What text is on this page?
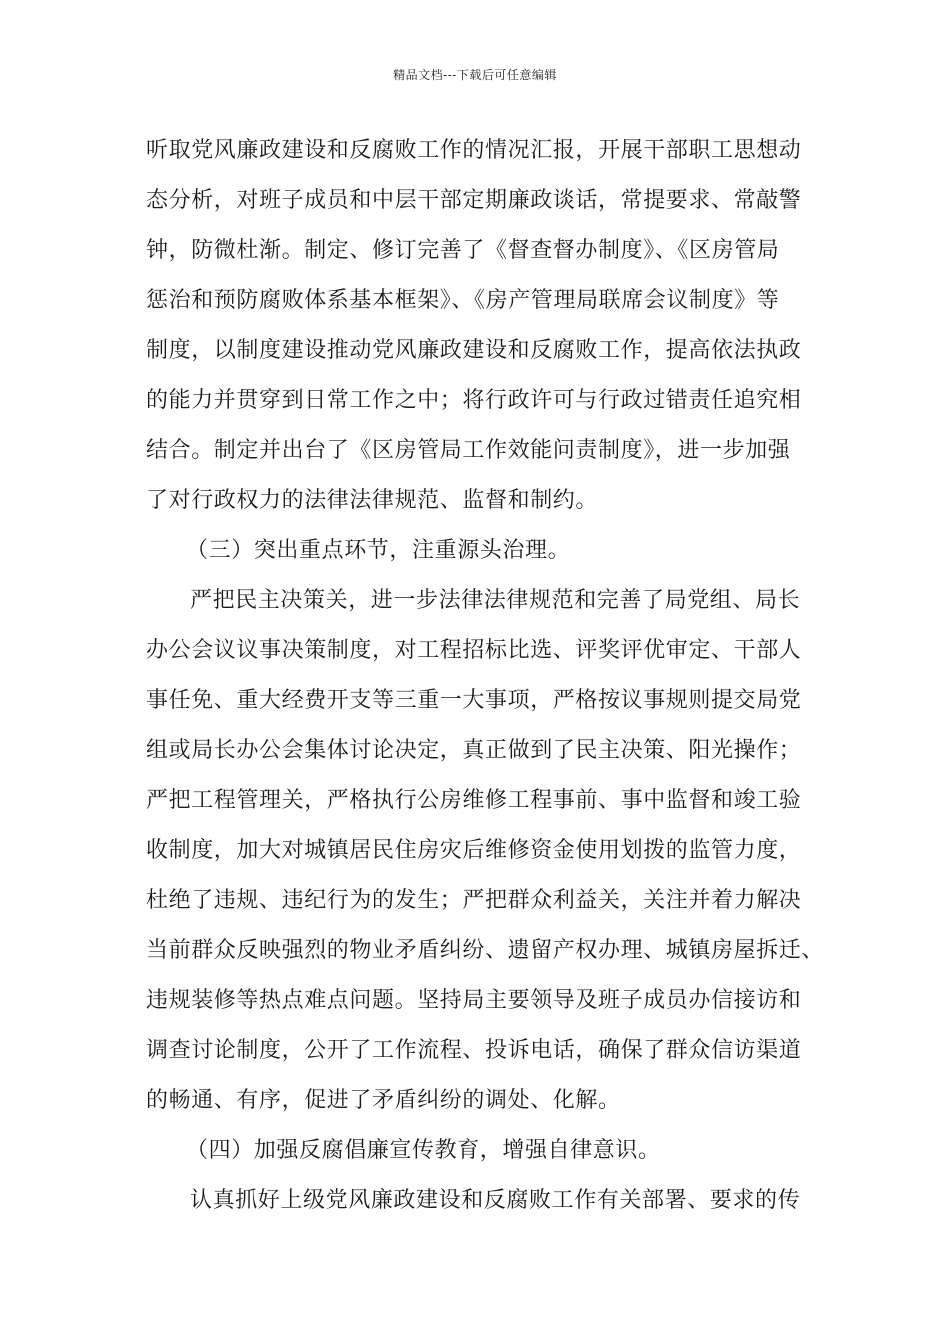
精品文档---下载后可任意编辑
听取党风廉政建设和反腐败工作的情况汇报，开展干部职工思想动
态分析，对班子成员和中层干部定期廉政谈话，常提要求、常敲警
钟，防微杜渐。制定、修订完善了《督查督办制度》、《区房管局
惩治和预防腐败体系基本框架》、《房产管理局联席会议制度》等
制度，以制度建设推动党风廉政建设和反腐败工作，提高依法执政
的能力并贯穿到日常工作之中；将行政许可与行政过错责任追究相
结合。制定并出台了《区房管局工作效能问责制度》，进一步加强
了对行政权力的法律法律规范、监督和制约。
（三）突出重点环节，注重源头治理。
严把民主决策关，进一步法律法律规范和完善了局党组、局长
办公会议议事决策制度，对工程招标比选、评奖评优审定、干部人
事任免、重大经费开支等三重一大事项，严格按议事规则提交局党
组或局长办公会集体讨论决定，真正做到了民主决策、阳光操作；
严把工程管理关，严格执行公房维修工程事前、事中监督和竣工验
收制度，加大对城镇居民住房灾后维修资金使用划拨的监管力度，
杜绝了违规、违纪行为的发生；严把群众利益关，关注并着力解决
当前群众反映强烈的物业矛盾纠纷、遗留产权办理、城镇房屋拆迁、
违规装修等热点难点问题。坚持局主要领导及班子成员办信接访和
调查讨论制度，公开了工作流程、投诉电话，确保了群众信访渠道
的畅通、有序，促进了矛盾纠纷的调处、化解。
（四）加强反腐倡廉宣传教育，增强自律意识。
认真抓好上级党风廉政建设和反腐败工作有关部署、要求的传
